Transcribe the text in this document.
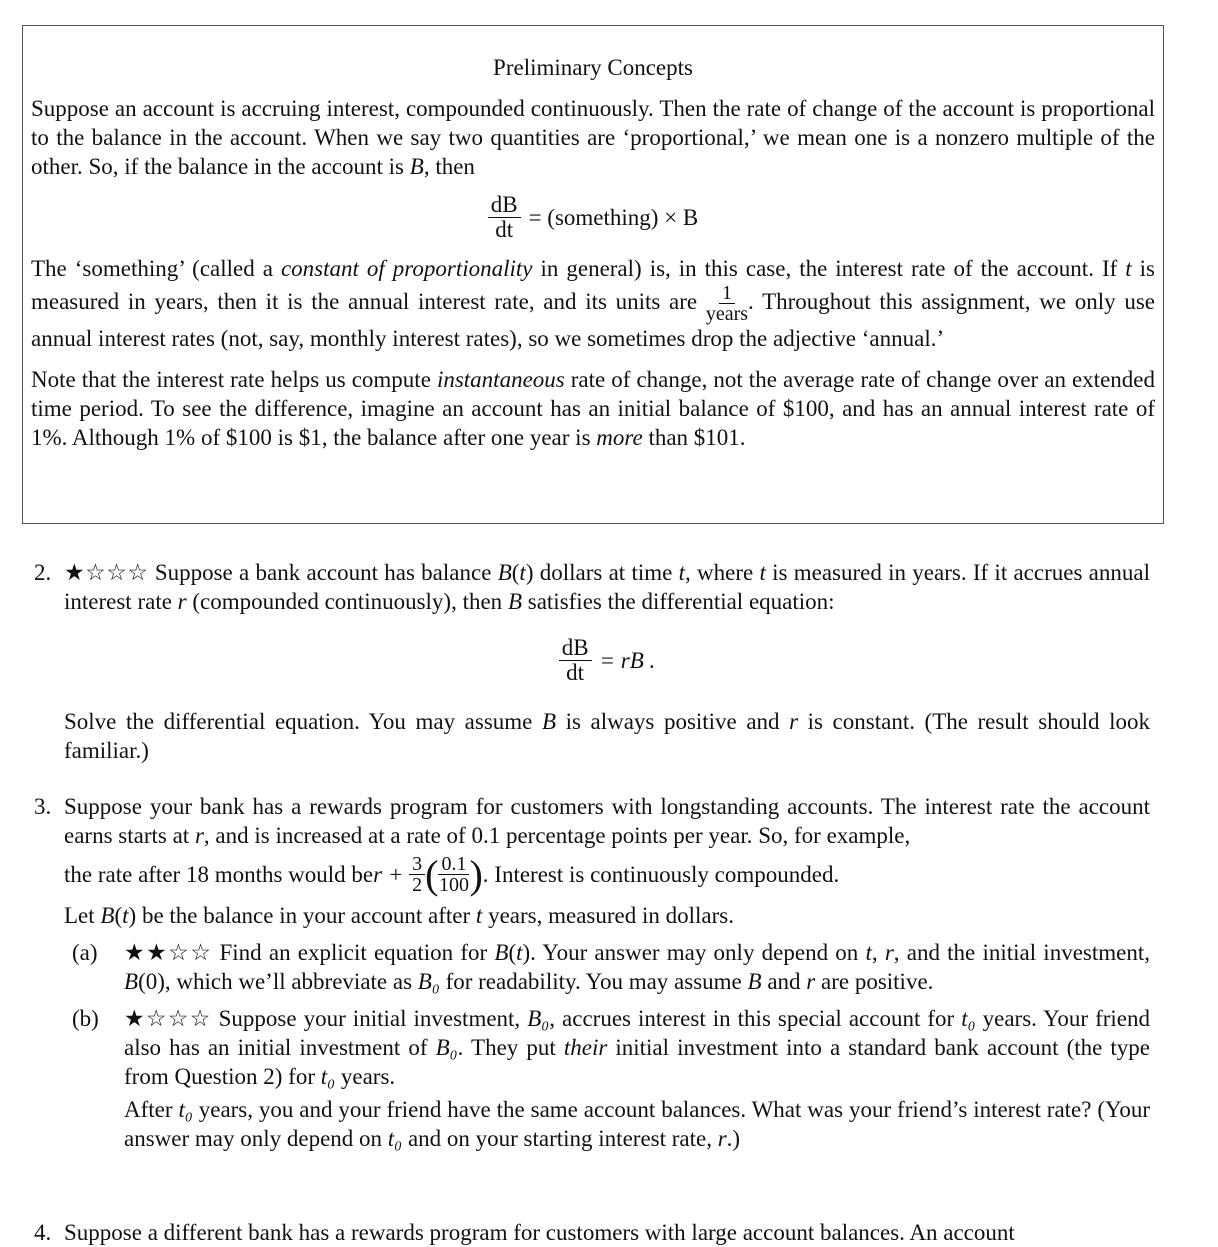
Preliminary Concepts

Suppose an account is accruing interest, compounded continuously. Then the rate of change of the account is proportional to the balance in the account. When we say two quantities are ‘proportional,’ we mean one is a nonzero multiple of the other. So, if the balance in the account is B, then

$\frac{dB}{dt}$ = (something) × B

The ‘something’ (called a constant of proportionality in general) is, in this case, the interest rate of the account. If t is measured in years, then it is the annual interest rate, and its units are $\frac{1}{\text{years}}$ . Throughout this assignment, we only use annual interest rates (not, say, monthly interest rates), so we sometimes drop the adjective ‘annual.’

Note that the interest rate helps us compute instantaneous rate of change, not the average rate of change over an extended time period. To see the difference, imagine an account has an initial balance of $100, and has an annual interest rate of 1%. Although 1% of $100 is $1, the balance after one year is more than $101.

2. ★☆☆☆ Suppose a bank account has balance B(t) dollars at time t, where t is measured in years. If it accrues annual interest rate r (compounded continuously), then B satisfies the differential equation:

$\frac{dB}{dt}$ = rB .

Solve the differential equation. You may assume B is always positive and r is constant. (The result should look familiar.)

3. Suppose your bank has a rewards program for customers with longstanding accounts. The interest rate the account earns starts at r, and is increased at a rate of 0.1 percentage points per year. So, for example,

the rate after 18 months would be r +
$\frac{3}{2}$ ( $\frac{0.1}{100}$ ) . Interest is continuously compounded.

Let B(t) be the balance in your account after t years, measured in dollars.

(a) ★★☆☆ Find an explicit equation for B(t). Your answer may only depend on t, r, and the initial investment, B(0), which we’ll abbreviate as B₀ for readability. You may assume B and r are positive.

(b) ★☆☆☆ Suppose your initial investment, B₀, accrues interest in this special account for t₀ years. Your friend also has an initial investment of B₀. They put their initial investment into a standard bank account (the type from Question 2) for t₀ years.

After t₀ years, you and your friend have the same account balances. What was your friend’s interest rate? (Your answer may only depend on t₀ and on your starting interest rate, r.)

4. Suppose a different bank has a rewards program for customers with large account balances. An account
